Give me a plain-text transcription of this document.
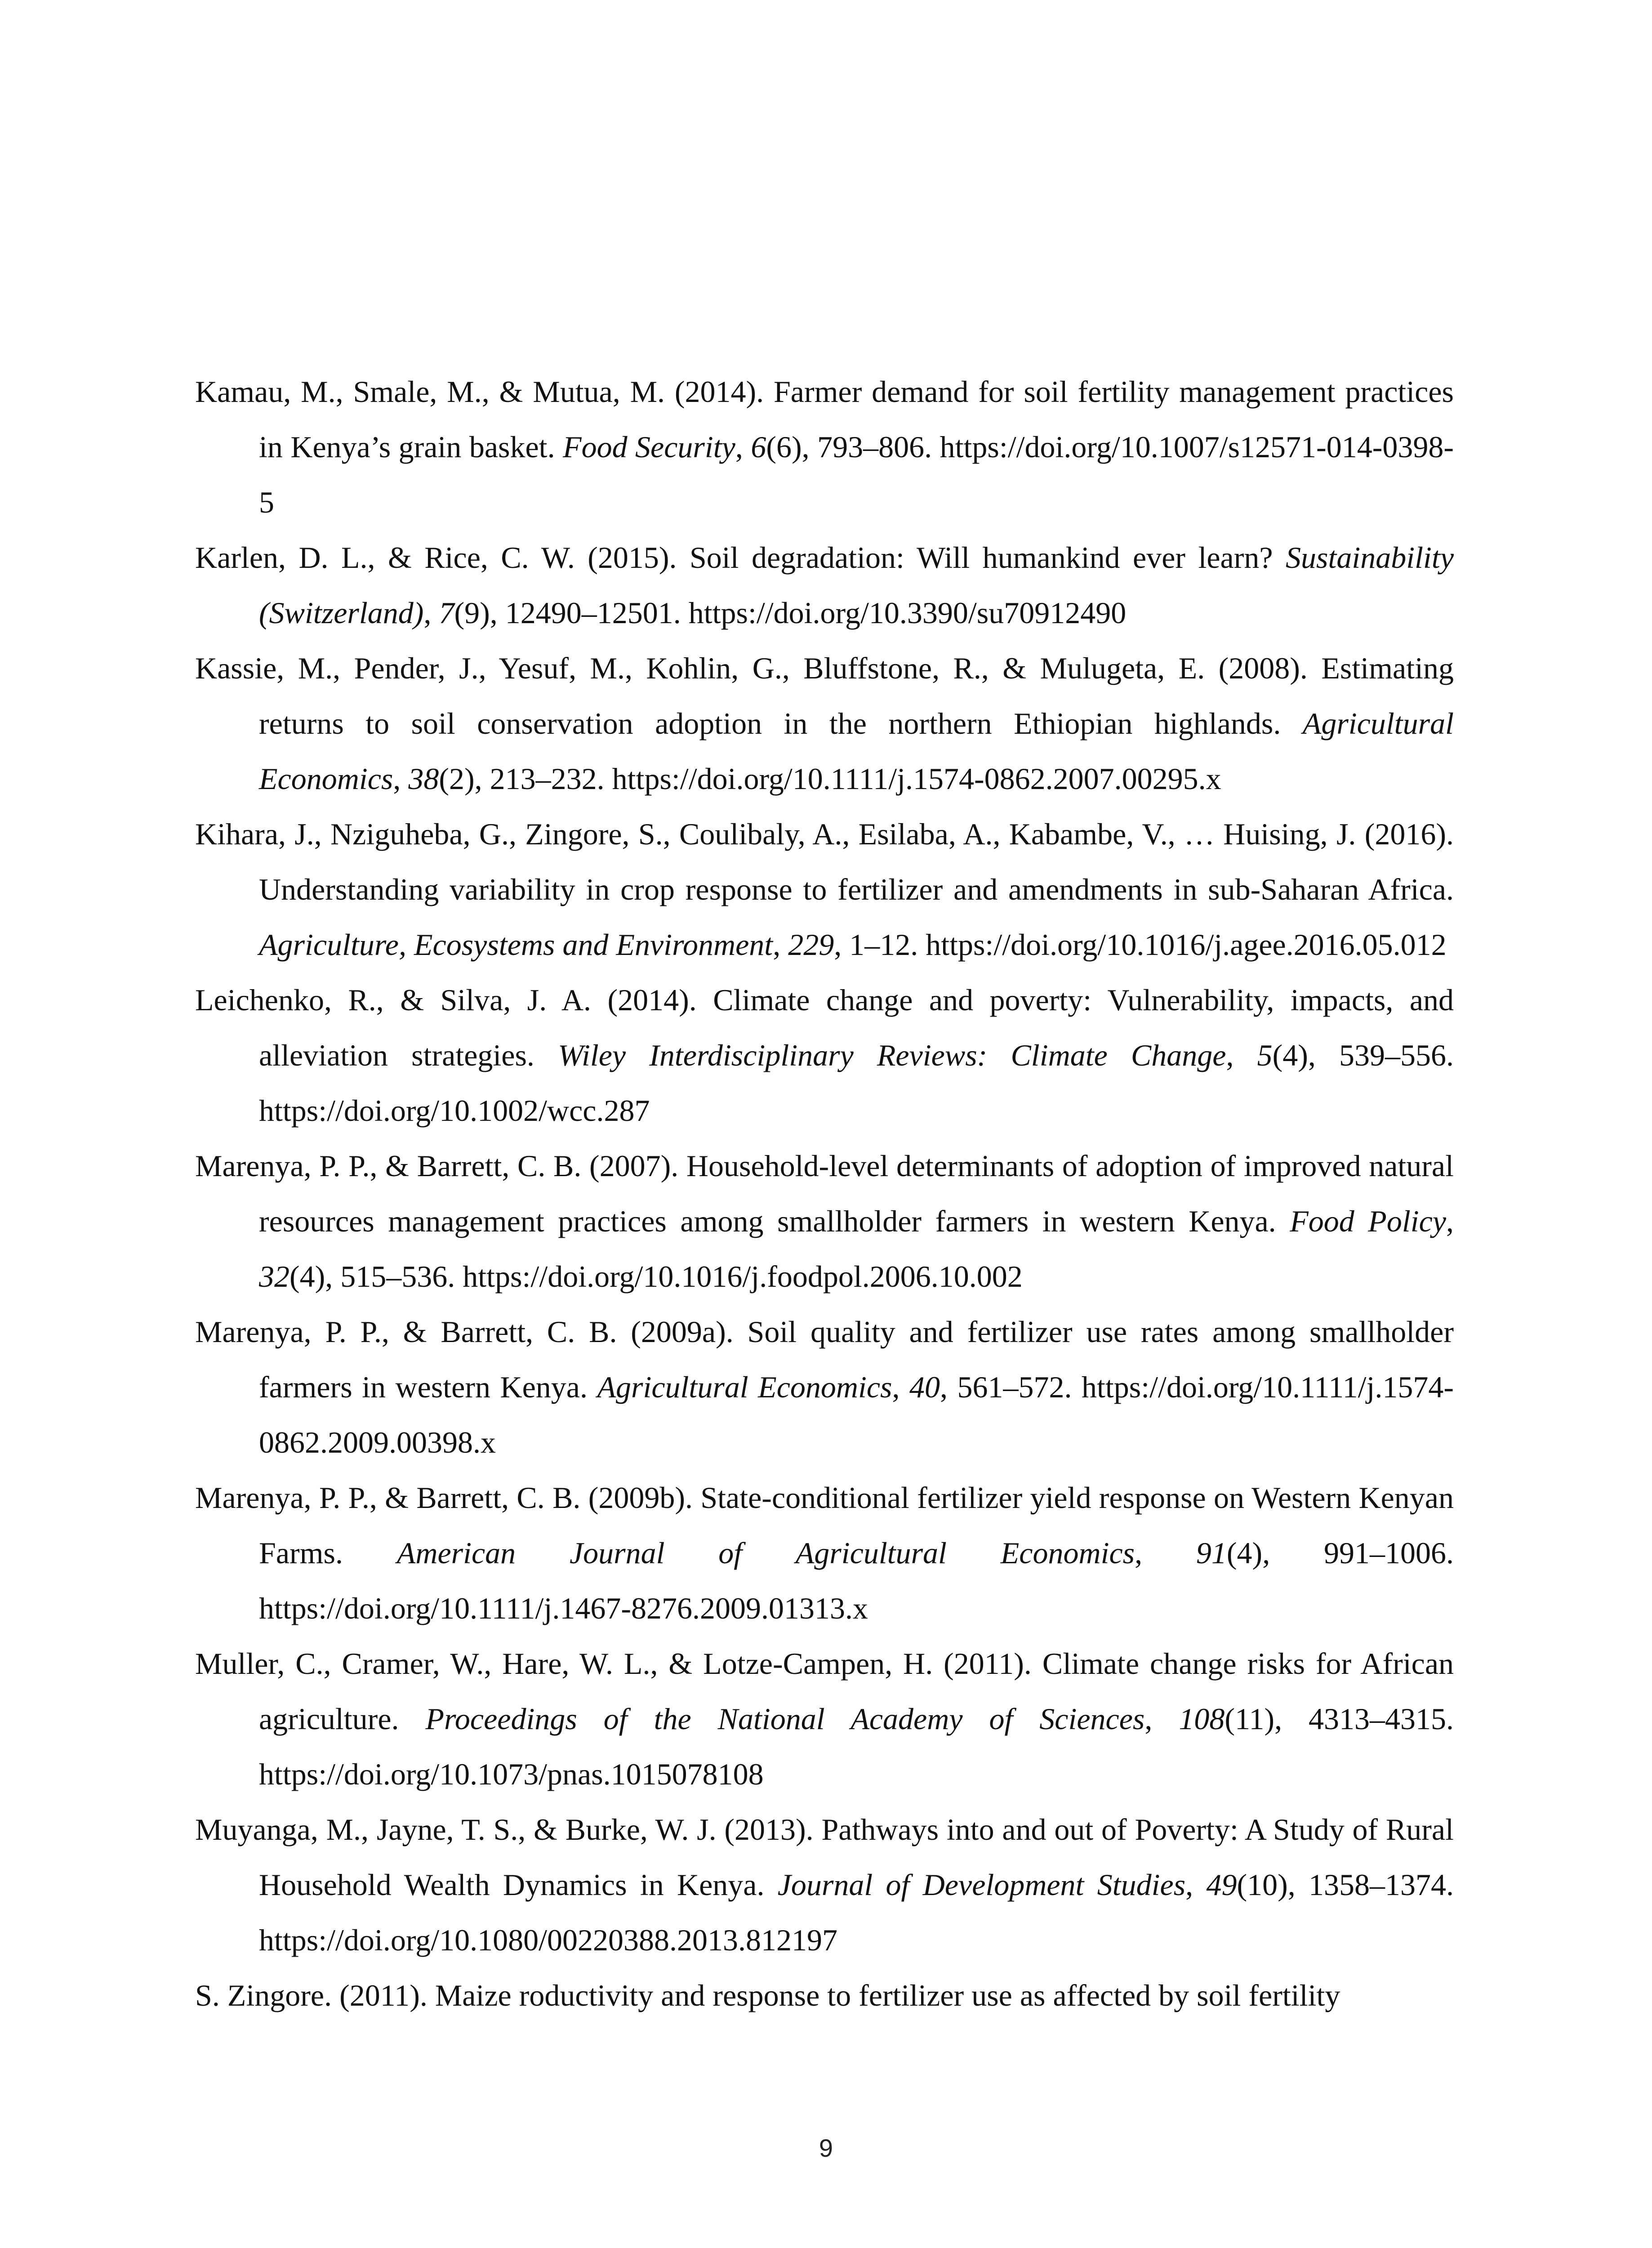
Kamau, M., Smale, M., & Mutua, M. (2014). Farmer demand for soil fertility management practices in Kenya’s grain basket. Food Security, 6(6), 793–806. https://doi.org/10.1007/s12571-014-0398-5

Karlen, D. L., & Rice, C. W. (2015). Soil degradation: Will humankind ever learn? Sustainability (Switzerland), 7(9), 12490–12501. https://doi.org/10.3390/su70912490

Kassie, M., Pender, J., Yesuf, M., Kohlin, G., Bluffstone, R., & Mulugeta, E. (2008). Estimating returns to soil conservation adoption in the northern Ethiopian highlands. Agricultural Economics, 38(2), 213–232. https://doi.org/10.1111/j.1574-0862.2007.00295.x

Kihara, J., Nziguheba, G., Zingore, S., Coulibaly, A., Esilaba, A., Kabambe, V., … Huising, J. (2016). Understanding variability in crop response to fertilizer and amendments in sub-Saharan Africa. Agriculture, Ecosystems and Environment, 229, 1–12. https://doi.org/10.1016/j.agee.2016.05.012

Leichenko, R., & Silva, J. A. (2014). Climate change and poverty: Vulnerability, impacts, and alleviation strategies. Wiley Interdisciplinary Reviews: Climate Change, 5(4), 539–556. https://doi.org/10.1002/wcc.287

Marenya, P. P., & Barrett, C. B. (2007). Household-level determinants of adoption of improved natural resources management practices among smallholder farmers in western Kenya. Food Policy, 32(4), 515–536. https://doi.org/10.1016/j.foodpol.2006.10.002

Marenya, P. P., & Barrett, C. B. (2009a). Soil quality and fertilizer use rates among smallholder farmers in western Kenya. Agricultural Economics, 40, 561–572. https://doi.org/10.1111/j.1574-0862.2009.00398.x

Marenya, P. P., & Barrett, C. B. (2009b). State-conditional fertilizer yield response on Western Kenyan Farms. American Journal of Agricultural Economics, 91(4), 991–1006. https://doi.org/10.1111/j.1467-8276.2009.01313.x

Muller, C., Cramer, W., Hare, W. L., & Lotze-Campen, H. (2011). Climate change risks for African agriculture. Proceedings of the National Academy of Sciences, 108(11), 4313–4315. https://doi.org/10.1073/pnas.1015078108

Muyanga, M., Jayne, T. S., & Burke, W. J. (2013). Pathways into and out of Poverty: A Study of Rural Household Wealth Dynamics in Kenya. Journal of Development Studies, 49(10), 1358–1374. https://doi.org/10.1080/00220388.2013.812197

S. Zingore. (2011). Maize roductivity and response to fertilizer use as affected by soil fertility

9
